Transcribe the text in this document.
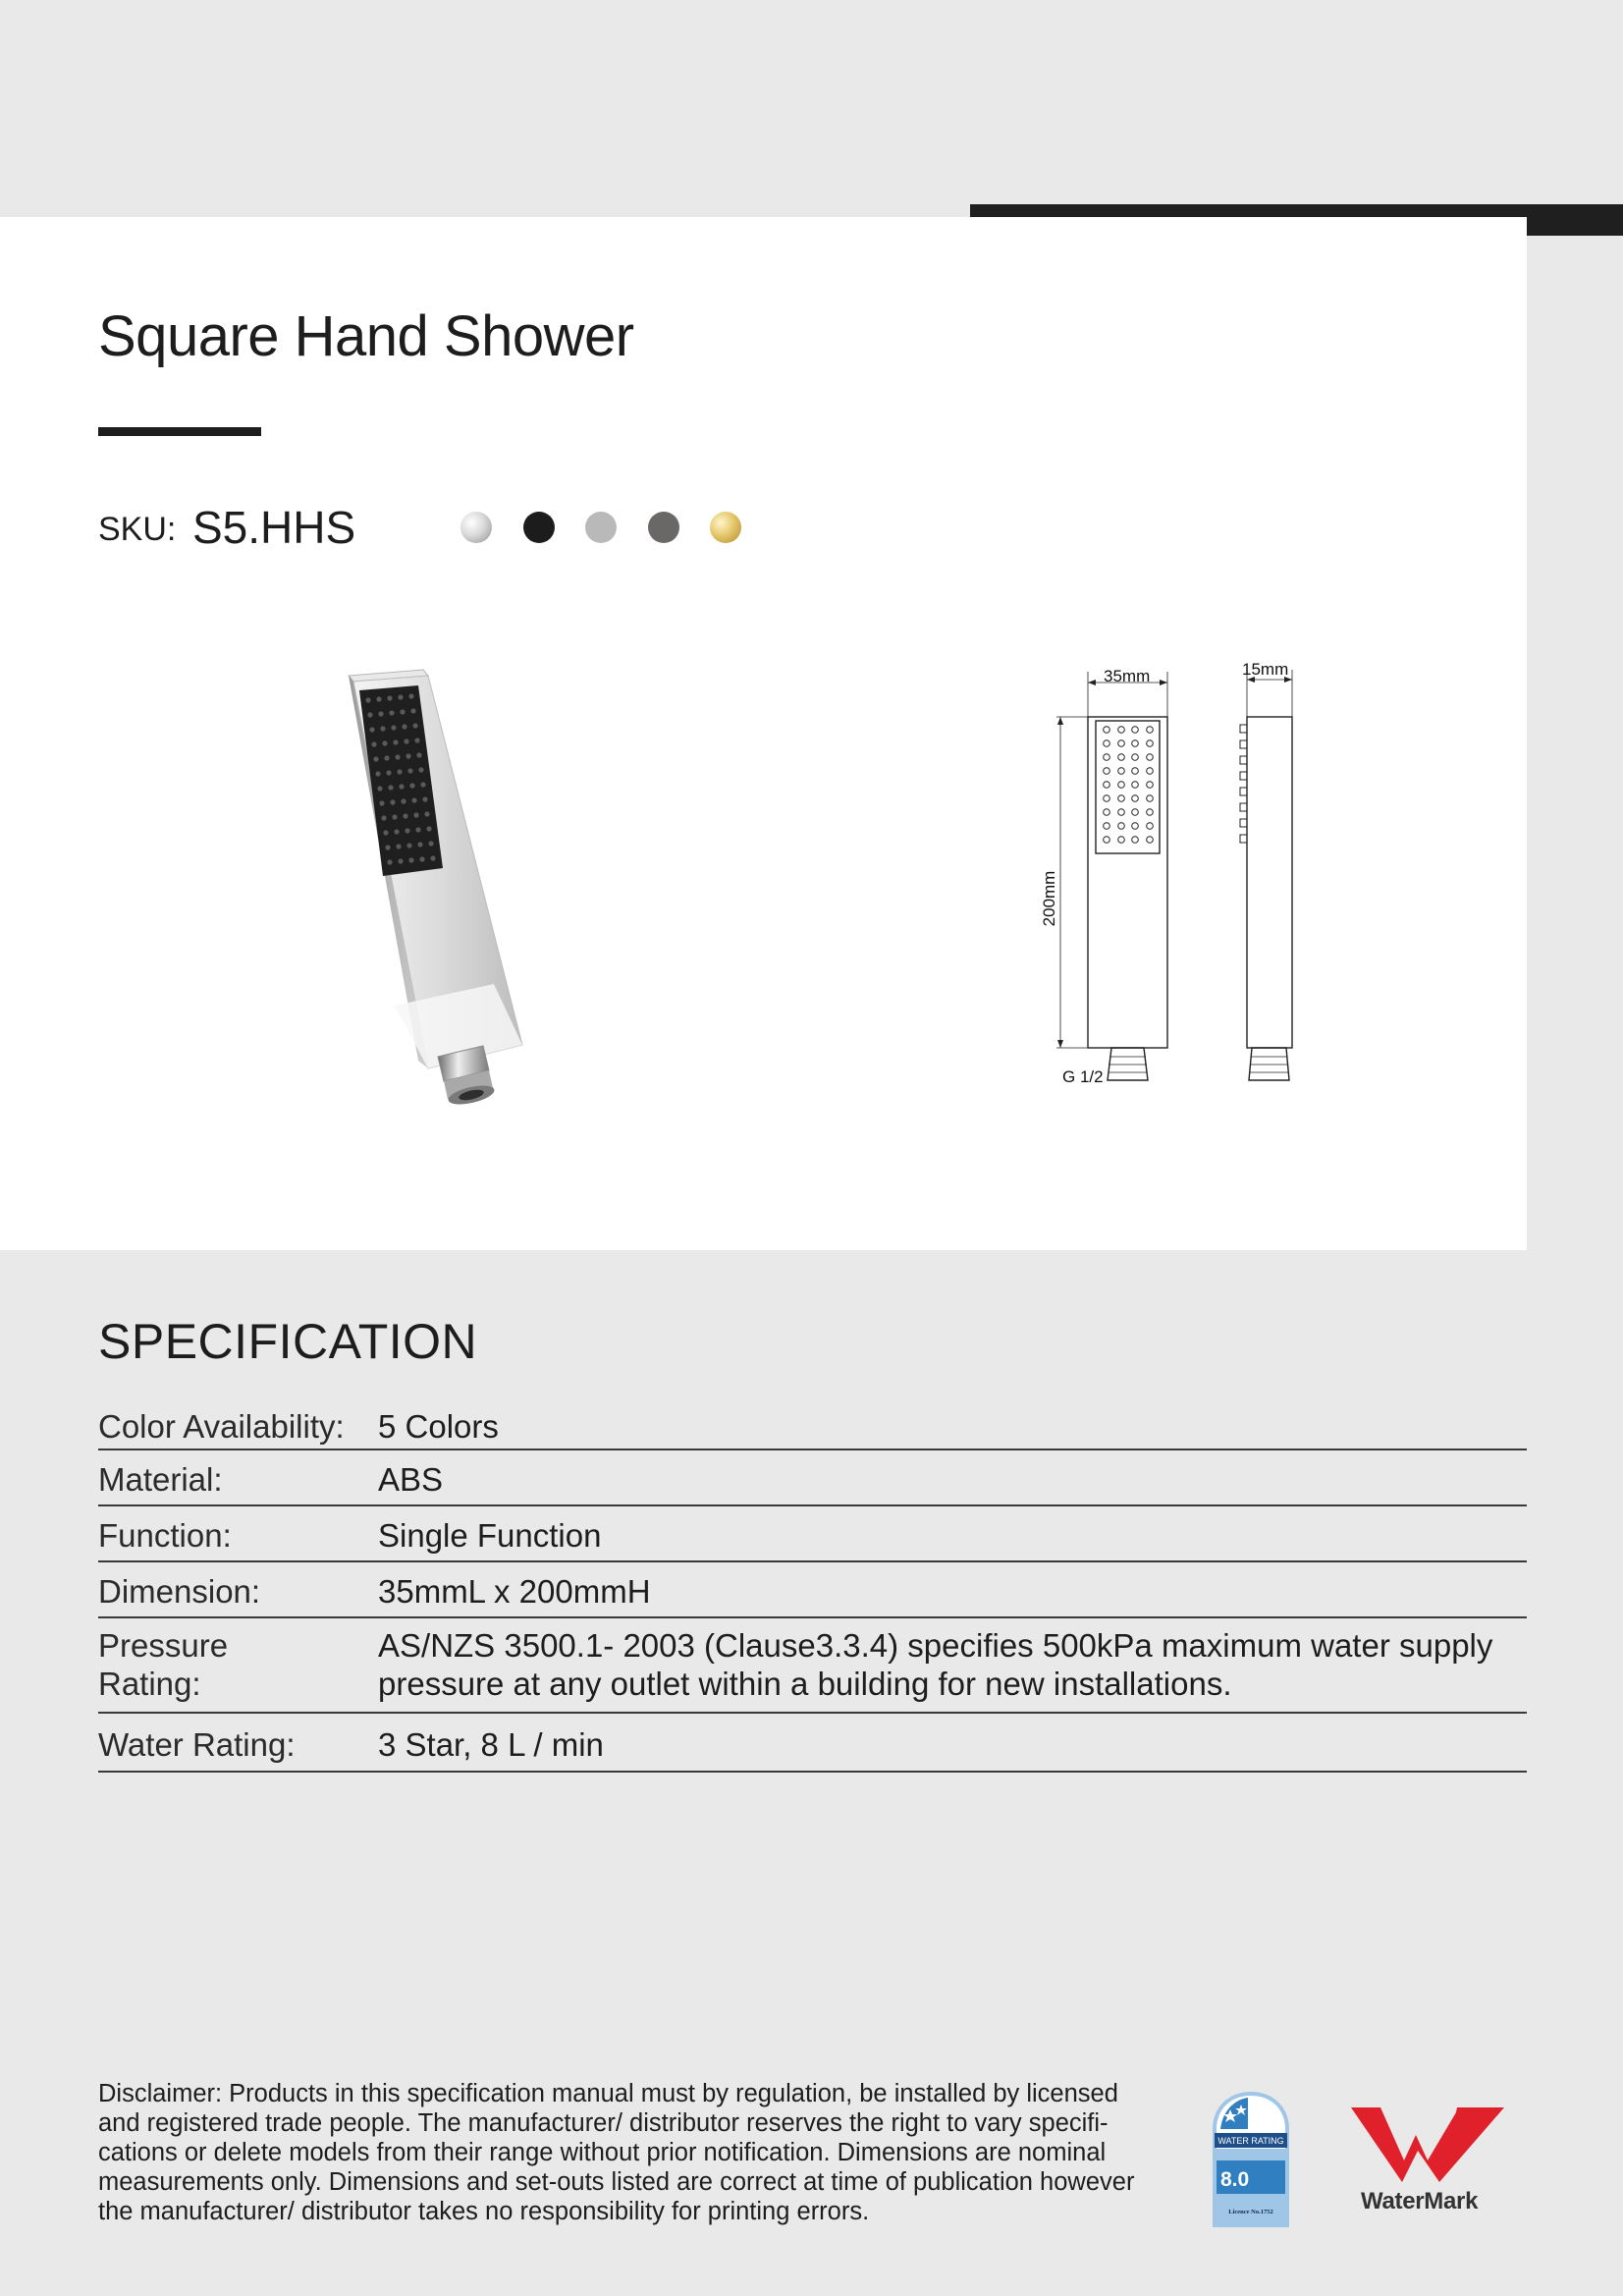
Square Hand Shower
SKU: S5.HHS
35mm	15mm
200mm
G 1/2
SPECIFICATION
Color Availability:	5 Colors
Material:	ABS
Function:	Single Function
Dimension:	35mmL x 200mmH
Pressure Rating:
AS/NZS 3500.1- 2003 (Clause3.3.4) specifies 500kPa maximum water supply pressure at any outlet within a building for new installations.
Water Rating:	3 Star, 8 L / min
Disclaimer: Products in this specification manual must by regulation, be installed by licensed and registered trade people. The manufacturer/ distributor reserves the right to vary specifi- cations or delete models from their range without prior notification. Dimensions are nominal measurements only. Dimensions and set-outs listed are correct at time of publication however the manufacturer/ distributor takes no responsibility for printing errors.
WATER RATING
8.0
Licence No.1752	WaterMark
